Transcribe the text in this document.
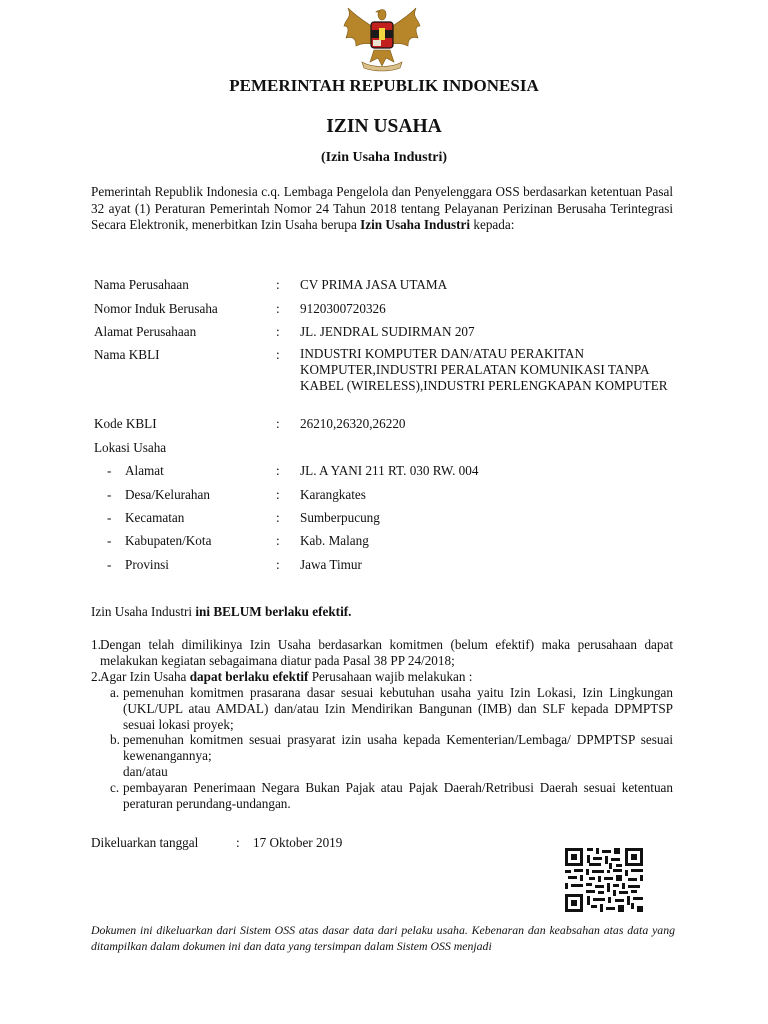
PEMERINTAH REPUBLIK INDONESIA
IZIN USAHA
(Izin Usaha Industri)
Pemerintah Republik Indonesia c.q. Lembaga Pengelola dan Penyelenggara OSS berdasarkan ketentuan Pasal 32 ayat (1) Peraturan Pemerintah Nomor 24 Tahun 2018 tentang Pelayanan Perizinan Berusaha Terintegrasi Secara Elektronik, menerbitkan Izin Usaha berupa Izin Usaha Industri kepada:
Nama Perusahaan	: CV PRIMA JASA UTAMA
Nomor Induk Berusaha	: 9120300720326
Alamat Perusahaan	: JL. JENDRAL SUDIRMAN 207
Nama KBLI	: INDUSTRI KOMPUTER DAN/ATAU PERAKITAN KOMPUTER,INDUSTRI PERALATAN KOMUNIKASI TANPA KABEL (WIRELESS),INDUSTRI PERLENGKAPAN KOMPUTER
Kode KBLI	: 26210,26320,26220
Lokasi Usaha
- Alamat	: JL. A YANI 211 RT. 030 RW. 004
- Desa/Kelurahan	: Karangkates
- Kecamatan	: Sumberpucung
- Kabupaten/Kota	: Kab. Malang
- Provinsi	: Jawa Timur
Izin Usaha Industri ini BELUM berlaku efektif.
1. Dengan telah dimilikinya Izin Usaha berdasarkan komitmen (belum efektif) maka perusahaan dapat melakukan kegiatan sebagaimana diatur pada Pasal 38 PP 24/2018;
2. Agar Izin Usaha dapat berlaku efektif Perusahaan wajib melakukan :
a. pemenuhan komitmen prasarana dasar sesuai kebutuhan usaha yaitu Izin Lokasi, Izin Lingkungan (UKL/UPL atau AMDAL) dan/atau Izin Mendirikan Bangunan (IMB) dan SLF kepada DPMPTSP sesuai lokasi proyek;
b. pemenuhan komitmen sesuai prasyarat izin usaha kepada Kementerian/Lembaga/ DPMPTSP sesuai kewenangannya;
dan/atau
c. pembayaran Penerimaan Negara Bukan Pajak atau Pajak Daerah/Retribusi Daerah sesuai ketentuan peraturan perundang-undangan.
Dikeluarkan tanggal	: 17 Oktober 2019
Dokumen ini dikeluarkan dari Sistem OSS atas dasar data dari pelaku usaha. Kebenaran dan keabsahan atas data yang ditampilkan dalam dokumen ini dan data yang tersimpan dalam Sistem OSS menjadi
